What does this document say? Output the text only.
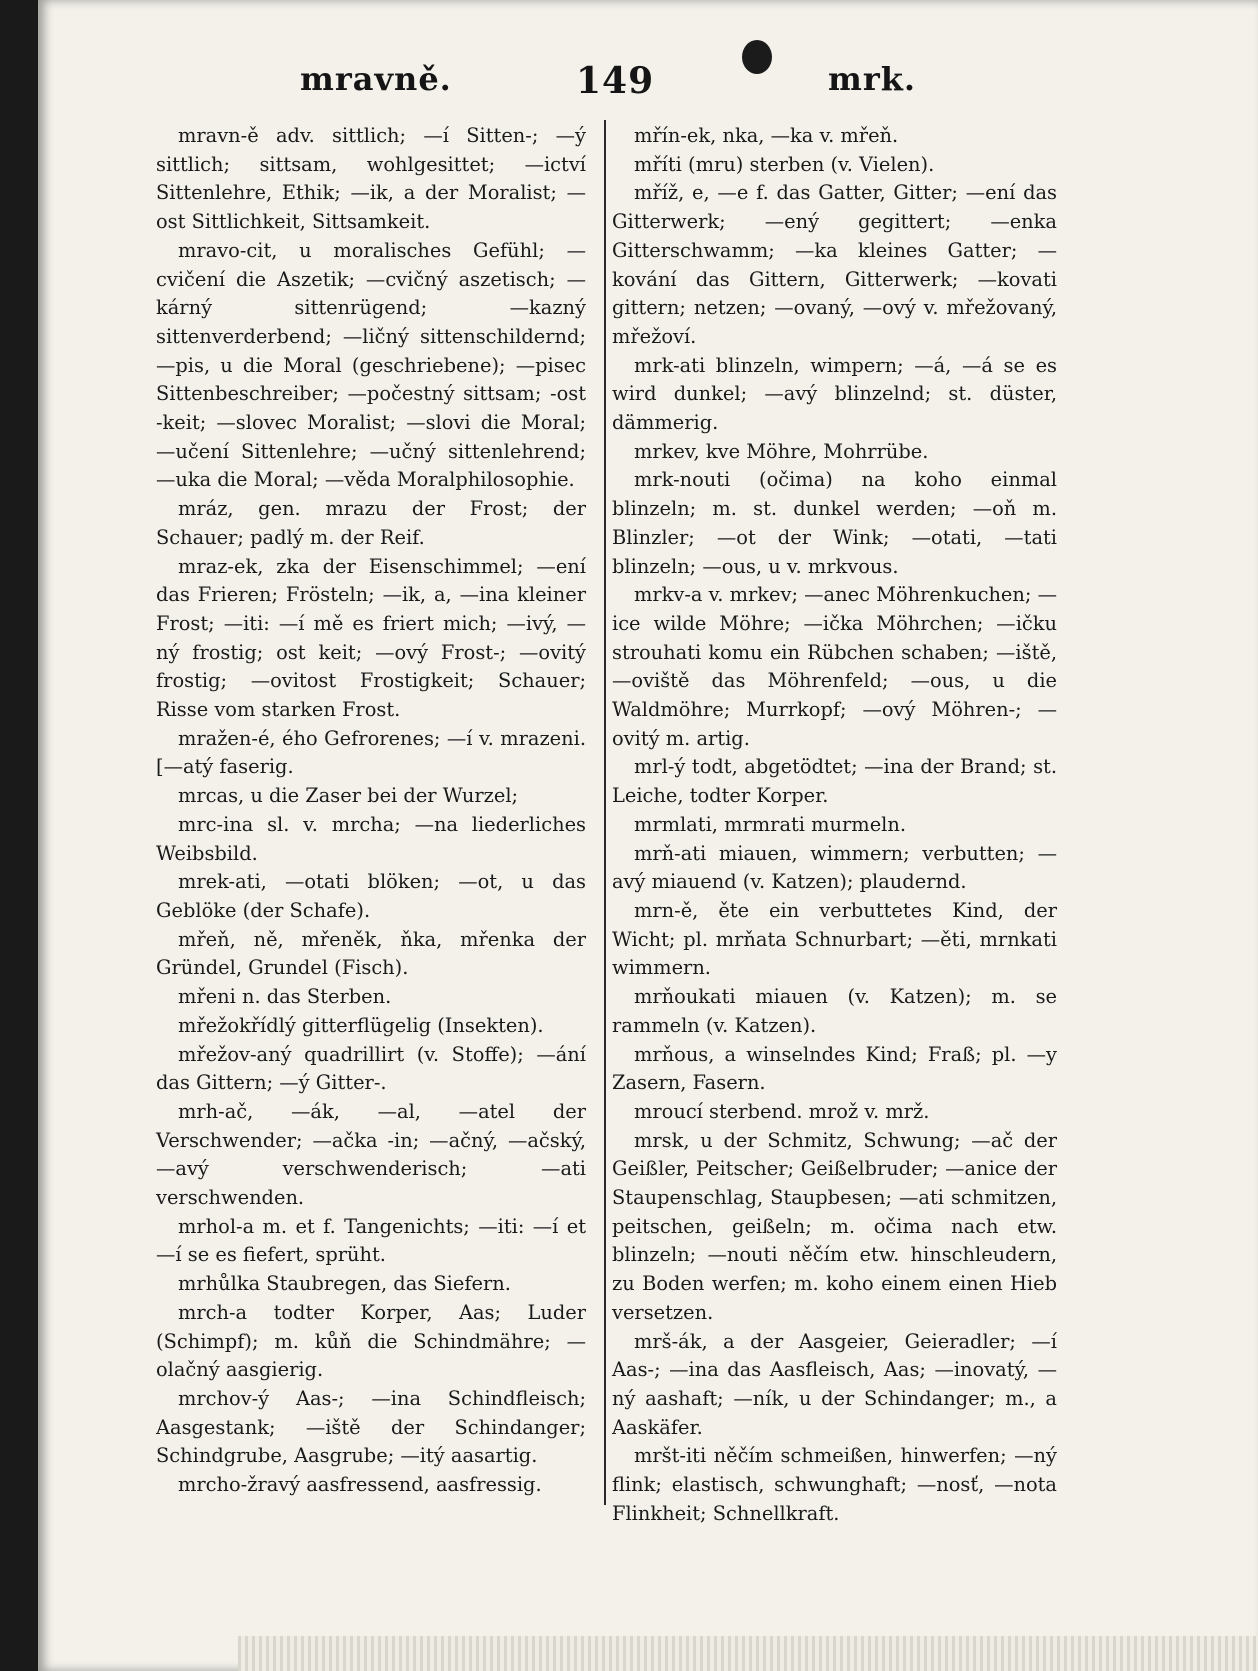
mravně.	149	mrk.

mravn-ě adv. sittlich; —í Sitten-; —ý sittlich; sittsam, wohlgesittet; —ictví Sittenlehre, Ethik; —ik, a der Moralist; —ost Sittlichkeit, Sittsamkeit.

mravo-cit, u moralisches Gefühl; —cvičení die Aszetik; —cvičný aszetisch; —kárný sittenrügend; —kazný sittenverderbend; —ličný sittenschildernd; —pis, u die Moral (geschriebene); —pisec Sittenbeschreiber; —počestný sittsam; -ost -keit; —slovec Moralist; —slovi die Moral; —učení Sittenlehre; —učný sittenlehrend; —uka die Moral; —věda Moralphilosophie.

mráz, gen. mrazu der Frost; der Schauer; padlý m. der Reif.

mraz-ek, zka der Eisenschimmel; —ení das Frieren; Frösteln; —ik, a, —ina kleiner Frost; —iti: —í mě es friert mich; —ivý, —ný frostig; ost keit; —ový Frost-; —ovitý frostig; —ovitost Frostigkeit; Schauer; Risse vom starken Frost.

mražen-é, ého Gefrorenes; —í v. mrazeni. [—atý faserig.

mrcas, u die Zaser bei der Wurzel;

mrc-ina sl. v. mrcha; —na liederliches Weibsbild.

mrek-ati, —otati blöken; —ot, u das Geblöke (der Schafe).

mřeň, ně, mřeněk, ňka, mřenka der Gründel, Grundel (Fisch).

mřeni n. das Sterben.

mřežokřídlý gitterflügelig (Insekten).

mřežov-aný quadrillirt (v. Stoffe); —ání das Gittern; —ý Gitter-.

mrh-ač, —ák, —al, —atel der Verschwender; —ačka -in; —ačný, —ačský, —avý verschwenderisch; —ati verschwenden.

mrhol-a m. et f. Tangenichts; —iti: —í et —í se es fiefert, sprüht.

mrhůlka Staubregen, das Siefern.

mrch-a todter Korper, Aas; Luder (Schimpf); m. kůň die Schindmähre; —olačný aasgierig.

mrchov-ý Aas-; —ina Schindfleisch; Aasgestank; —iště der Schindanger; Schindgrube, Aasgrube; —itý aasartig.

mrcho-žravý aasfressend, aasfressig.

mřín-ek, nka, —ka v. mřeň.

mříti (mru) sterben (v. Vielen).

mříž, e, —e f. das Gatter, Gitter; —ení das Gitterwerk; —ený gegittert; —enka Gitterschwamm; —ka kleines Gatter; —kování das Gittern, Gitterwerk; —kovati gittern; netzen; —ovaný, —ový v. mřežovaný, mřežoví.

mrk-ati blinzeln, wimpern; —á, —á se es wird dunkel; —avý blinzelnd; st. düster, dämmerig.

mrkev, kve Möhre, Mohrrübe.

mrk-nouti (očima) na koho einmal blinzeln; m. st. dunkel werden; —oň m. Blinzler; —ot der Wink; —otati, —tati blinzeln; —ous, u v. mrkvous.

mrkv-a v. mrkev; —anec Möhrenkuchen; —ice wilde Möhre; —ička Möhrchen; —ičku strouhati komu ein Rübchen schaben; —iště, —oviště das Möhrenfeld; —ous, u die Waldmöhre; Murrkopf; —ový Möhren-; —ovitý m. artig.

mrl-ý todt, abgetödtet; —ina der Brand; st. Leiche, todter Korper.

mrmlati, mrmrati murmeln.

mrň-ati miauen, wimmern; verbutten; —avý miauend (v. Katzen); plaudernd.

mrn-ě, ěte ein verbuttetes Kind, der Wicht; pl. mrňata Schnurbart; —ěti, mrnkati wimmern.

mrňoukati miauen (v. Katzen); m. se rammeln (v. Katzen).

mrňous, a winselndes Kind; Fraß; pl. —y Zasern, Fasern.

mroucí sterbend. mrož v. mrž.

mrsk, u der Schmitz, Schwung; —ač der Geißler, Peitscher; Geißelbruder; —anice der Staupenschlag, Staupbesen; —ati schmitzen, peitschen, geißeln; m. očima nach etw. blinzeln; —nouti něčím etw. hinschleudern, zu Boden werfen; m. koho einem einen Hieb versetzen.

mrš-ák, a der Aasgeier, Geieradler; —í Aas-; —ina das Aasfleisch, Aas; —inovatý, —ný aashaft; —ník, u der Schindanger; m., a Aaskäfer.

mršt-iti něčím schmeißen, hinwerfen; —ný flink; elastisch, schwunghaft; —nosť, —nota Flinkheit; Schnellkraft.
